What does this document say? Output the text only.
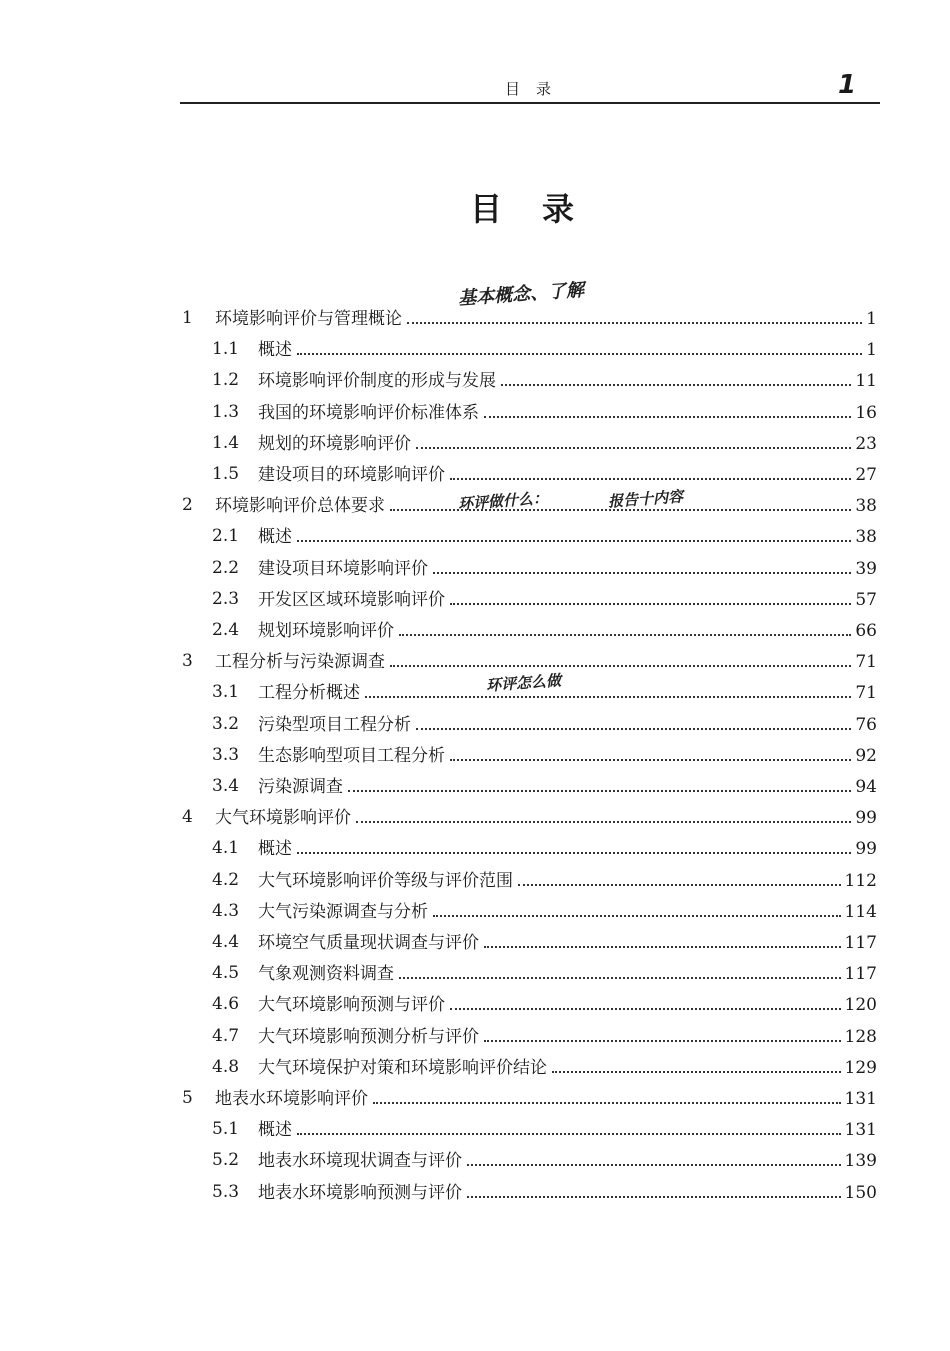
目录	1
目录
基本概念、了解
环评做什么：	报告十内容
环评怎么做
1 环境影响评价与管理概论	1
1.1 概述	1
1.2 环境影响评价制度的形成与发展	11
1.3 我国的环境影响评价标准体系	16
1.4 规划的环境影响评价	23
1.5 建设项目的环境影响评价	27
2 环境影响评价总体要求	38
2.1 概述	38
2.2 建设项目环境影响评价	39
2.3 开发区区域环境影响评价	57
2.4 规划环境影响评价	66
3 工程分析与污染源调查	71
3.1 工程分析概述	71
3.2 污染型项目工程分析	76
3.3 生态影响型项目工程分析	92
3.4 污染源调查	94
4 大气环境影响评价	99
4.1 概述	99
4.2 大气环境影响评价等级与评价范围	112
4.3 大气污染源调查与分析	114
4.4 环境空气质量现状调查与评价	117
4.5 气象观测资料调查	117
4.6 大气环境影响预测与评价	120
4.7 大气环境影响预测分析与评价	128
4.8 大气环境保护对策和环境影响评价结论	129
5 地表水环境影响评价	131
5.1 概述	131
5.2 地表水环境现状调查与评价	139
5.3 地表水环境影响预测与评价	150
